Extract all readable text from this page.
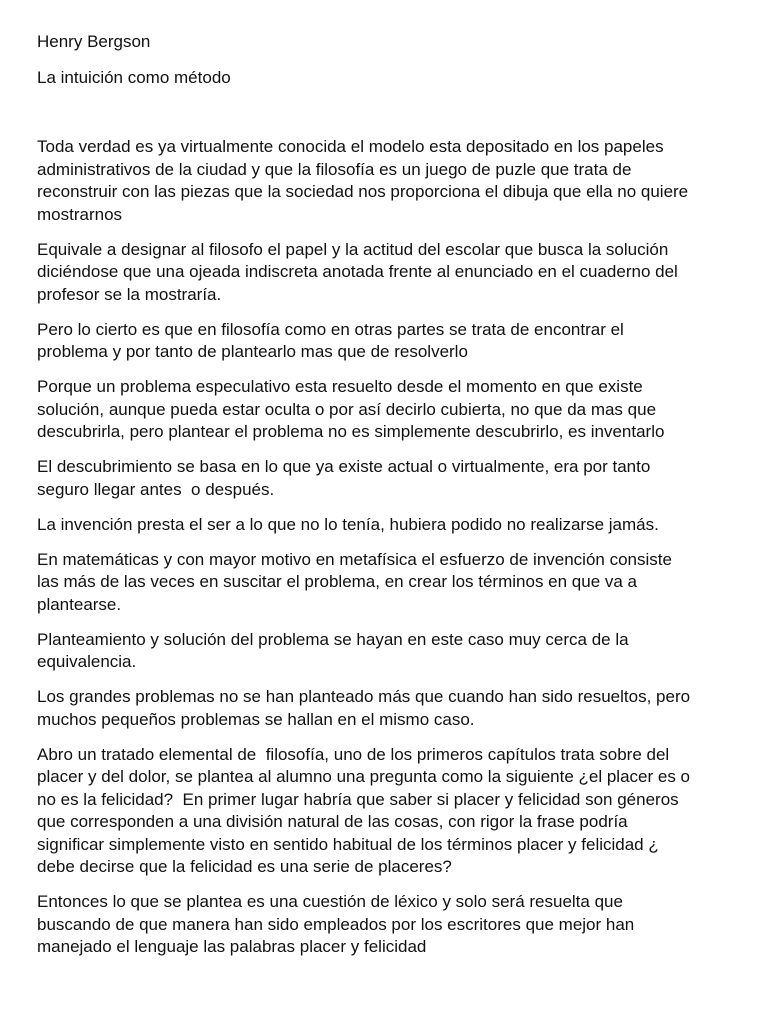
Henry Bergson
La intuición como método

Toda verdad es ya virtualmente conocida el modelo esta depositado en los papeles
administrativos de la ciudad y que la filosofía es un juego de puzle que trata de
reconstruir con las piezas que la sociedad nos proporciona el dibuja que ella no quiere
mostrarnos

Equivale a designar al filosofo el papel y la actitud del escolar que busca la solución
diciéndose que una ojeada indiscreta anotada frente al enunciado en el cuaderno del
profesor se la mostraría.

Pero lo cierto es que en filosofía como en otras partes se trata de encontrar el
problema y por tanto de plantearlo mas que de resolverlo

Porque un problema especulativo esta resuelto desde el momento en que existe
solución, aunque pueda estar oculta o por así decirlo cubierta, no que da mas que
descubrirla, pero plantear el problema no es simplemente descubrirlo, es inventarlo

El descubrimiento se basa en lo que ya existe actual o virtualmente, era por tanto
seguro llegar antes  o después.

La invención presta el ser a lo que no lo tenía, hubiera podido no realizarse jamás.

En matemáticas y con mayor motivo en metafísica el esfuerzo de invención consiste
las más de las veces en suscitar el problema, en crear los términos en que va a
plantearse.

Planteamiento y solución del problema se hayan en este caso muy cerca de la
equivalencia.

Los grandes problemas no se han planteado más que cuando han sido resueltos, pero
muchos pequeños problemas se hallan en el mismo caso.

Abro un tratado elemental de  filosofía, uno de los primeros capítulos trata sobre del
placer y del dolor, se plantea al alumno una pregunta como la siguiente ¿el placer es o
no es la felicidad?  En primer lugar habría que saber si placer y felicidad son géneros
que corresponden a una división natural de las cosas, con rigor la frase podría
significar simplemente visto en sentido habitual de los términos placer y felicidad ¿
debe decirse que la felicidad es una serie de placeres?

Entonces lo que se plantea es una cuestión de léxico y solo será resuelta que
buscando de que manera han sido empleados por los escritores que mejor han
manejado el lenguaje las palabras placer y felicidad
